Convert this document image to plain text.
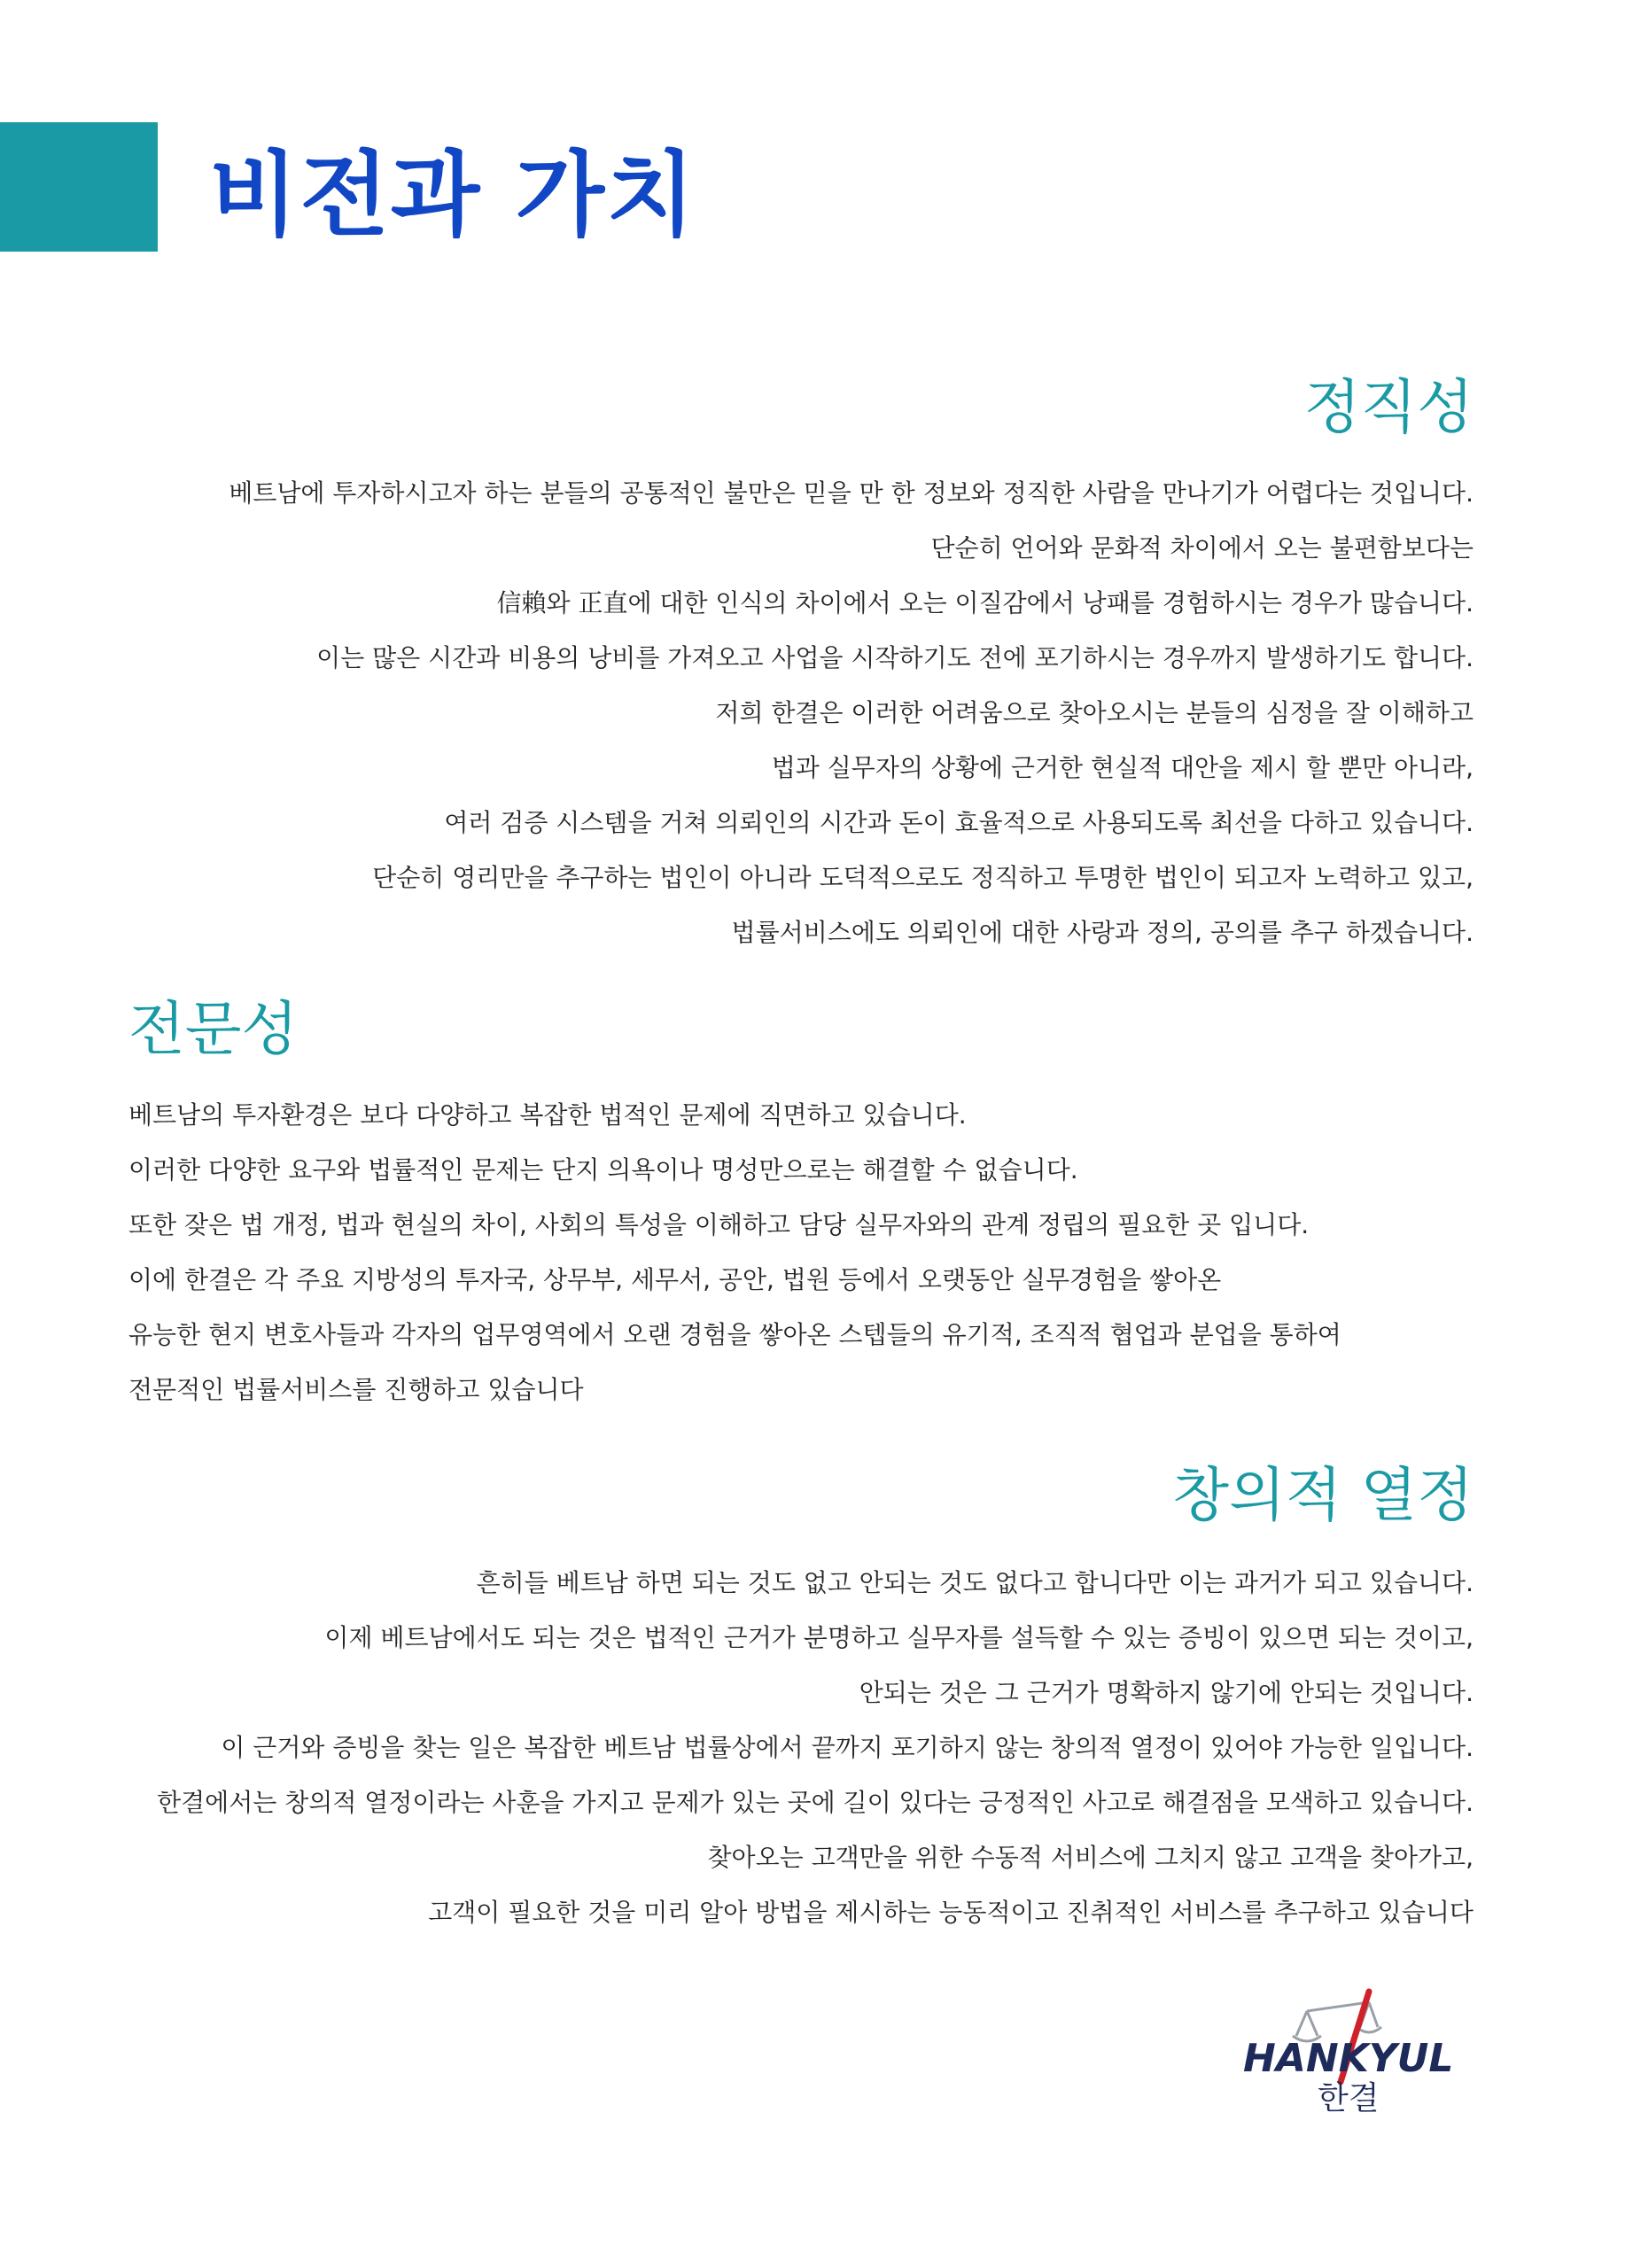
비전과 가치
정직성
베트남에 투자하시고자 하는 분들의 공통적인 불만은 믿을 만 한 정보와 정직한 사람을 만나기가 어렵다는 것입니다.
단순히 언어와 문화적 차이에서 오는 불편함보다는
信賴와 正直에 대한 인식의 차이에서 오는 이질감에서 낭패를 경험하시는 경우가 많습니다.
이는 많은 시간과 비용의 낭비를 가져오고 사업을 시작하기도 전에 포기하시는 경우까지 발생하기도 합니다.
저희 한결은 이러한 어려움으로 찾아오시는 분들의 심정을 잘 이해하고
법과 실무자의 상황에 근거한 현실적 대안을 제시 할 뿐만 아니라,
여러 검증 시스템을 거쳐 의뢰인의 시간과 돈이 효율적으로 사용되도록 최선을 다하고 있습니다.
단순히 영리만을 추구하는 법인이 아니라 도덕적으로도 정직하고 투명한 법인이 되고자 노력하고 있고,
법률서비스에도 의뢰인에 대한 사랑과 정의, 공의를 추구 하겠습니다.
전문성
베트남의 투자환경은 보다 다양하고 복잡한 법적인 문제에 직면하고 있습니다.
이러한 다양한 요구와 법률적인 문제는 단지 의욕이나 명성만으로는 해결할 수 없습니다.
또한 잦은 법 개정, 법과 현실의 차이, 사회의 특성을 이해하고 담당 실무자와의 관계 정립의 필요한 곳 입니다.
이에 한결은 각 주요 지방성의 투자국, 상무부, 세무서, 공안, 법원 등에서 오랫동안 실무경험을 쌓아온
유능한 현지 변호사들과 각자의 업무영역에서 오랜 경험을 쌓아온 스텝들의 유기적, 조직적 협업과 분업을 통하여
전문적인 법률서비스를 진행하고 있습니다
창의적 열정
흔히들 베트남 하면 되는 것도 없고 안되는 것도 없다고 합니다만 이는 과거가 되고 있습니다.
이제 베트남에서도 되는 것은 법적인 근거가 분명하고 실무자를 설득할 수 있는 증빙이 있으면 되는 것이고,
안되는 것은 그 근거가 명확하지 않기에 안되는 것입니다.
이 근거와 증빙을 찾는 일은 복잡한 베트남 법률상에서 끝까지 포기하지 않는 창의적 열정이 있어야 가능한 일입니다.
한결에서는 창의적 열정이라는 사훈을 가지고 문제가 있는 곳에 길이 있다는 긍정적인 사고로 해결점을 모색하고 있습니다.
찾아오는 고객만을 위한 수동적 서비스에 그치지 않고 고객을 찾아가고,
고객이 필요한 것을 미리 알아 방법을 제시하는 능동적이고 진취적인 서비스를 추구하고 있습니다
HANKYUL
한결
